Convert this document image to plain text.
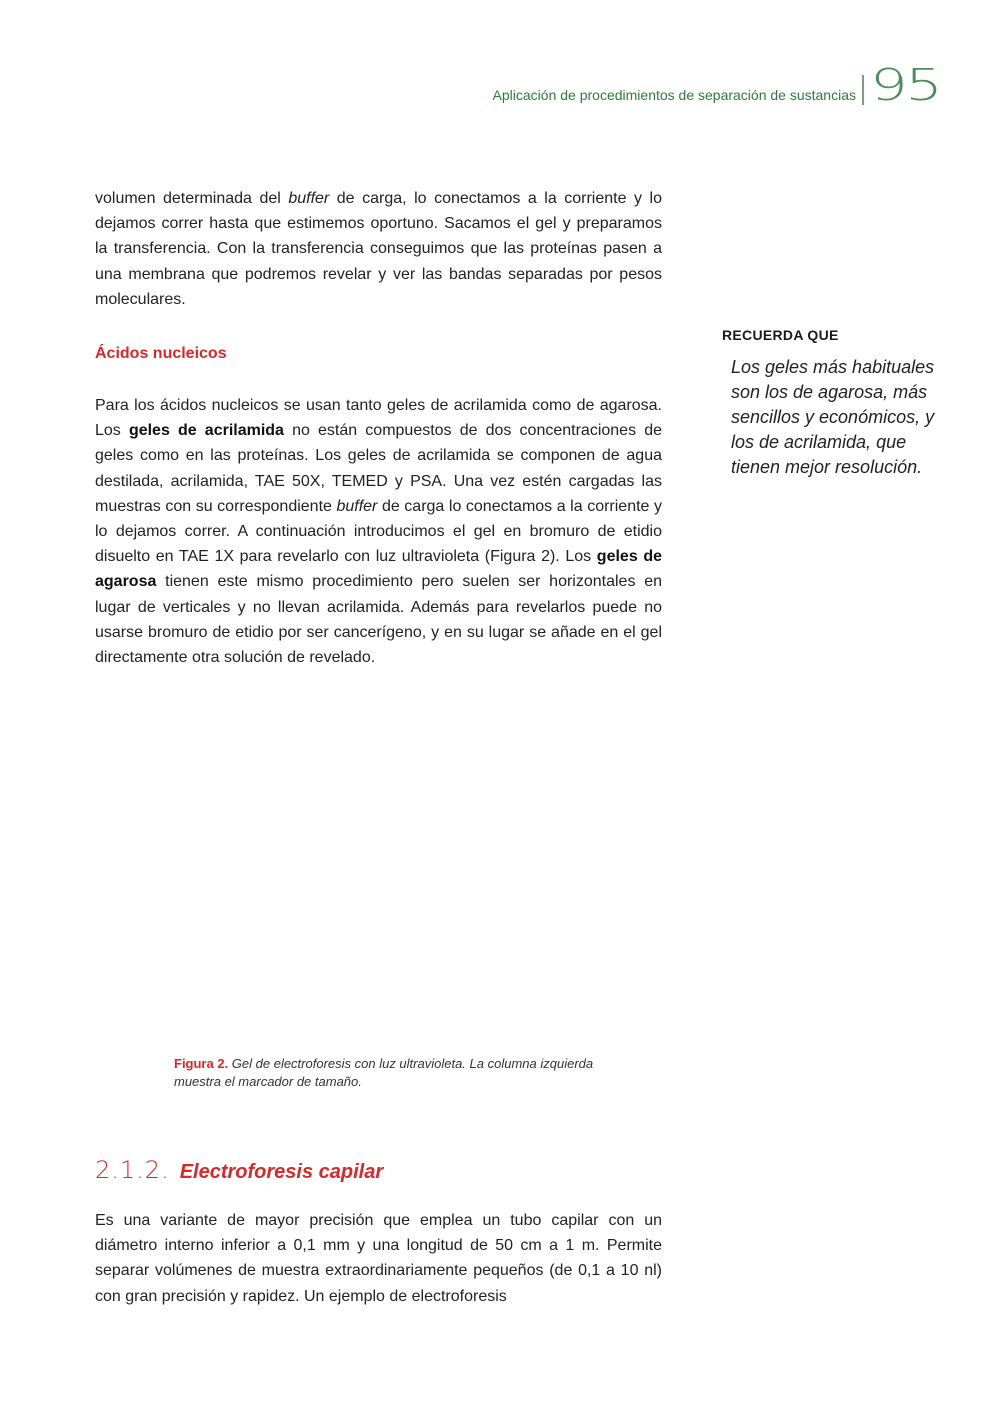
Aplicación de procedimientos de separación de sustancias 95

volumen determinada del buffer de carga, lo conectamos a la corriente y lo dejamos correr hasta que estimemos oportuno. Sacamos el gel y preparamos la transferencia. Con la transferencia conseguimos que las proteínas pasen a una membrana que podremos revelar y ver las bandas separadas por pesos moleculares.

Ácidos nucleicos

Para los ácidos nucleicos se usan tanto geles de acrilamida como de agarosa. Los geles de acrilamida no están compuestos de dos concentraciones de geles como en las proteínas. Los geles de acrilamida se componen de agua destilada, acrilamida, TAE 50X, TEMED y PSA. Una vez estén cargadas las muestras con su correspondiente buffer de carga lo conectamos a la corriente y lo dejamos correr. A continuación introducimos el gel en bromuro de etidio disuelto en TAE 1X para revelarlo con luz ultravioleta (Figura 2). Los geles de agarosa tienen este mismo procedimiento pero suelen ser horizontales en lugar de verticales y no llevan acrilamida. Además para revelarlos puede no usarse bromuro de etidio por ser cancerígeno, y en su lugar se añade en el gel directamente otra solución de revelado.

RECUERDA QUE

Los geles más habituales son los de agarosa, más sencillos y económicos, y los de acrilamida, que tienen mejor resolución.

Figura 2. Gel de electroforesis con luz ultravioleta. La columna izquierda muestra el marcador de tamaño.

2.1.2. Electroforesis capilar

Es una variante de mayor precisión que emplea un tubo capilar con un diámetro interno inferior a 0,1 mm y una longitud de 50 cm a 1 m. Permite separar volúmenes de muestra extraordinariamente pequeños (de 0,1 a 10 nl) con gran precisión y rapidez. Un ejemplo de electroforesis
